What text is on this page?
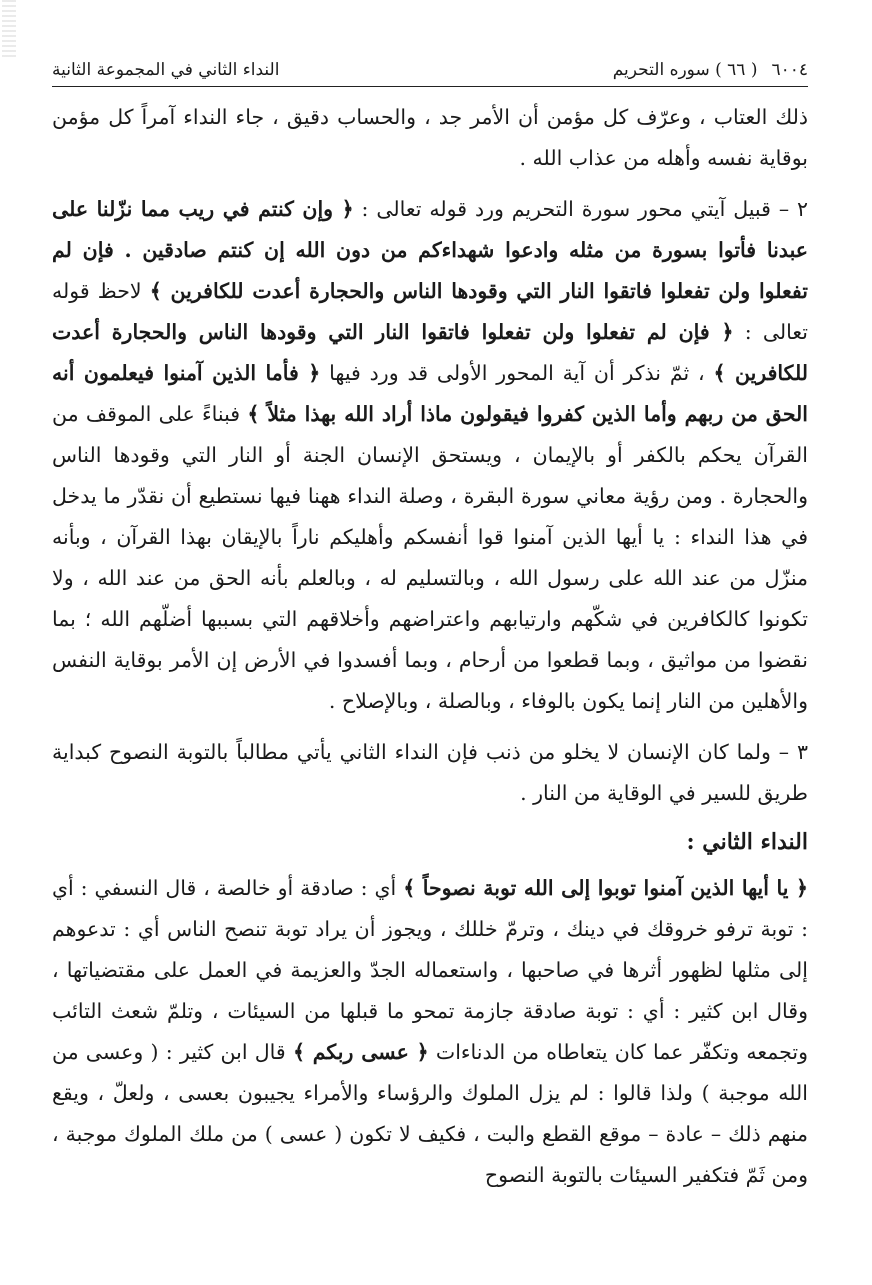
٦٠٠٤
( ٦٦ ) سوره التحريم
النداء الثاني في المجموعة الثانية

ذلك العتاب ، وعرّف كل مؤمن أن الأمر جد ، والحساب دقيق ، جاء النداء آمراً كل مؤمن بوقاية نفسه وأهله من عذاب الله .

٢ – قبيل آيتي محور سورة التحريم ورد قوله تعالى : ﴿ وإن كنتم في ريب مما نزّلنا على عبدنا فأتوا بسورة من مثله وادعوا شهداءكم من دون الله إن كنتم صادقين . فإن لم تفعلوا ولن تفعلوا فاتقوا النار التي وقودها الناس والحجارة أعدت للكافرين ﴾ لاحظ قوله تعالى : ﴿ فإن لم تفعلوا ولن تفعلوا فاتقوا النار التي وقودها الناس والحجارة أعدت للكافرين ﴾ ، ثمّ نذكر أن آية المحور الأولى قد ورد فيها ﴿ فأما الذين آمنوا فيعلمون أنه الحق من ربهم وأما الذين كفروا فيقولون ماذا أراد الله بهذا مثلاً ﴾ فبناءً على الموقف من القرآن يحكم بالكفر أو بالإيمان ، ويستحق الإنسان الجنة أو النار التي وقودها الناس والحجارة . ومن رؤية معاني سورة البقرة ، وصلة النداء ههنا فيها نستطيع أن نقدّر ما يدخل في هذا النداء : يا أيها الذين آمنوا قوا أنفسكم وأهليكم ناراً بالإيقان بهذا القرآن ، وبأنه منزّل من عند الله على رسول الله ، وبالتسليم له ، وبالعلم بأنه الحق من عند الله ، ولا تكونوا كالكافرين في شكّهم وارتيابهم واعتراضهم وأخلاقهم التي بسببها أضلّهم الله ؛ بما نقضوا من مواثيق ، وبما قطعوا من أرحام ، وبما أفسدوا في الأرض إن الأمر بوقاية النفس والأهلين من النار إنما يكون بالوفاء ، وبالصلة ، وبالإصلاح .

٣ – ولما كان الإنسان لا يخلو من ذنب فإن النداء الثاني يأتي مطالباً بالتوبة النصوح كبداية طريق للسير في الوقاية من النار .

النداء الثاني :

﴿ يا أيها الذين آمنوا توبوا إلى الله توبة نصوحاً ﴾ أي : صادقة أو خالصة ، قال النسفي : أي : توبة ترفو خروقك في دينك ، وترمّ خللك ، ويجوز أن يراد توبة تنصح الناس أي : تدعوهم إلى مثلها لظهور أثرها في صاحبها ، واستعماله الجدّ والعزيمة في العمل على مقتضياتها ، وقال ابن كثير : أي : توبة صادقة جازمة تمحو ما قبلها من السيئات ، وتلمّ شعث التائب وتجمعه وتكفّر عما كان يتعاطاه من الدناءات ﴿ عسى ربكم ﴾ قال ابن كثير : ( وعسى من الله موجبة ) ولذا قالوا : لم يزل الملوك والرؤساء والأمراء يجيبون بعسى ، ولعلّ ، ويقع منهم ذلك – عادة – موقع القطع والبت ، فكيف لا تكون ( عسى ) من ملك الملوك موجبة ، ومن ثَمّ فتكفير السيئات بالتوبة النصوح
